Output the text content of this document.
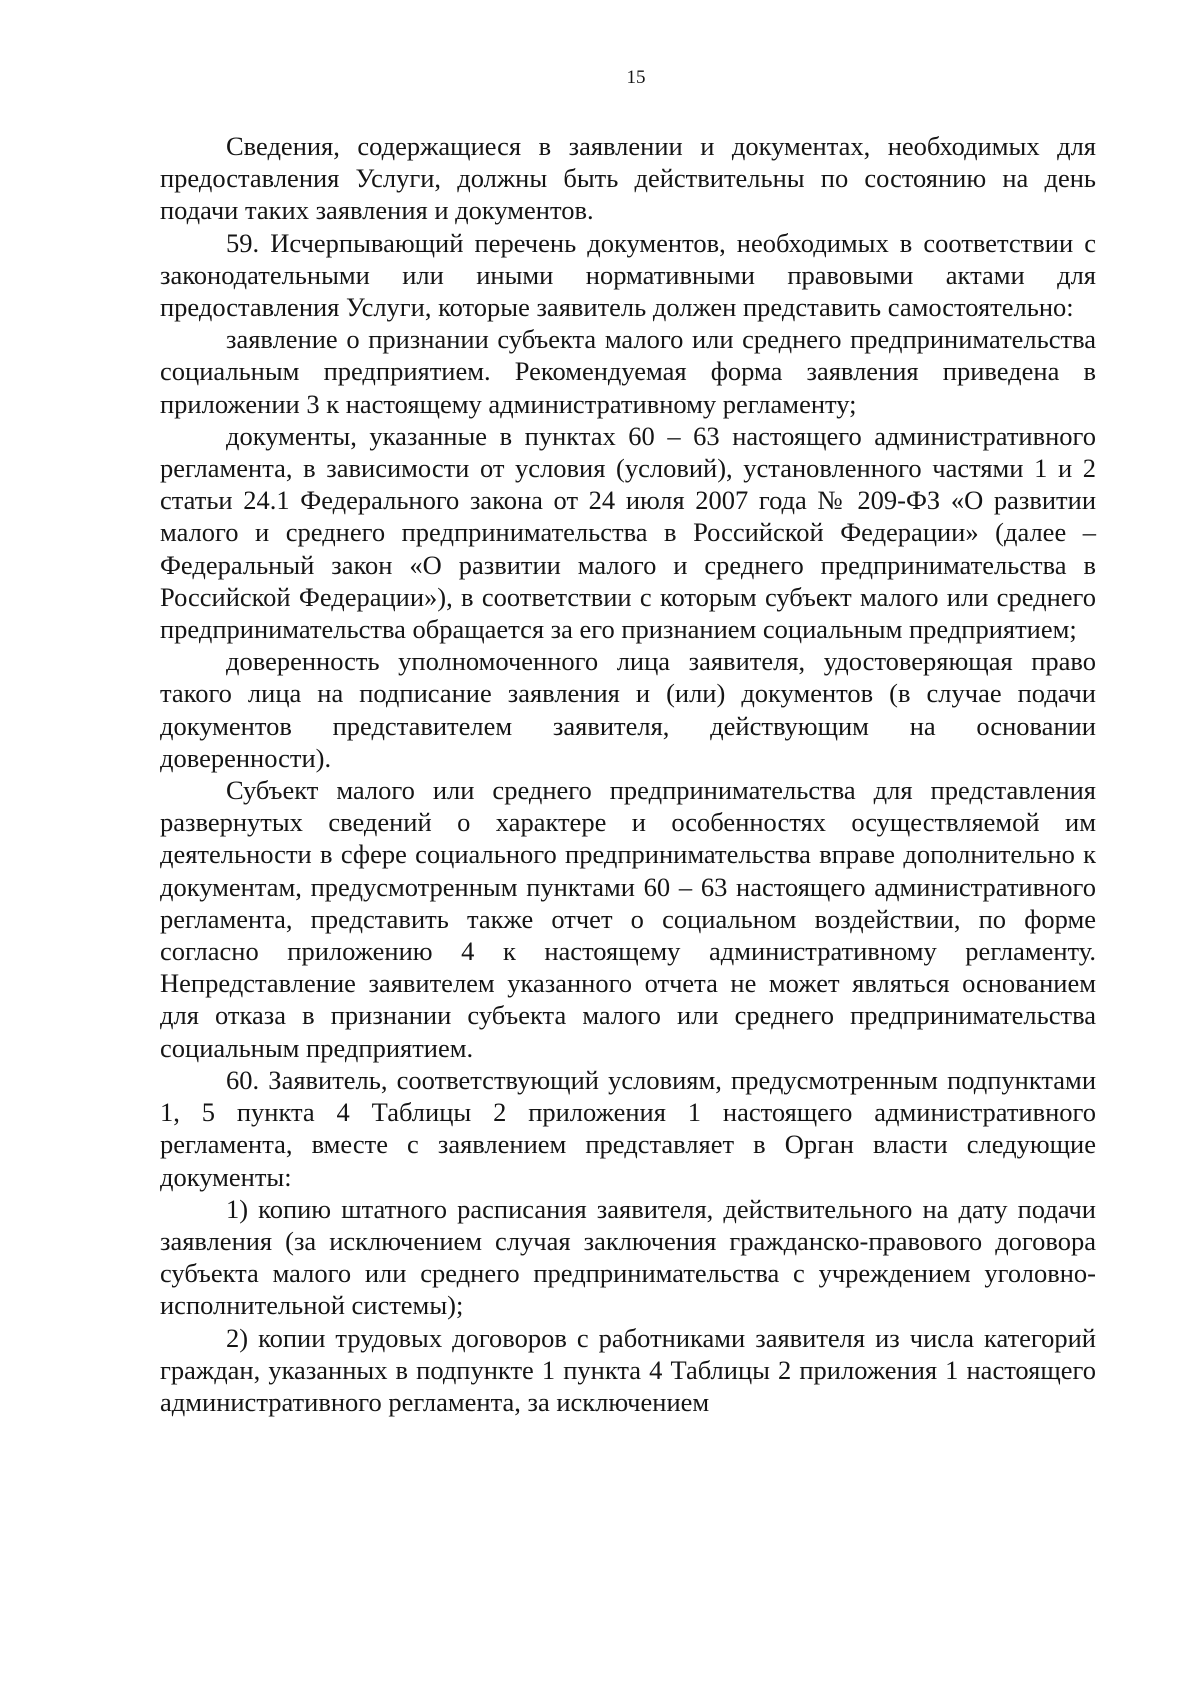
15

Сведения, содержащиеся в заявлении и документах, необходимых для предоставления Услуги, должны быть действительны по состоянию на день подачи таких заявления и документов.

59. Исчерпывающий перечень документов, необходимых в соответствии с законодательными или иными нормативными правовыми актами для предоставления Услуги, которые заявитель должен представить самостоятельно:

заявление о признании субъекта малого или среднего предпринимательства социальным предприятием. Рекомендуемая форма заявления приведена в приложении 3 к настоящему административному регламенту;

документы, указанные в пунктах 60 – 63 настоящего административного регламента, в зависимости от условия (условий), установленного частями 1 и 2 статьи 24.1 Федерального закона от 24 июля 2007 года № 209-ФЗ «О развитии малого и среднего предпринимательства в Российской Федерации» (далее – Федеральный закон «О развитии малого и среднего предпринимательства в Российской Федерации»), в соответствии с которым субъект малого или среднего предпринимательства обращается за его признанием социальным предприятием;

доверенность уполномоченного лица заявителя, удостоверяющая право такого лица на подписание заявления и (или) документов (в случае подачи документов представителем заявителя, действующим на основании доверенности).

Субъект малого или среднего предпринимательства для представления развернутых сведений о характере и особенностях осуществляемой им деятельности в сфере социального предпринимательства вправе дополнительно к документам, предусмотренным пунктами 60 – 63 настоящего административного регламента, представить также отчет о социальном воздействии, по форме согласно приложению 4 к настоящему административному регламенту. Непредставление заявителем указанного отчета не может являться основанием для отказа в признании субъекта малого или среднего предпринимательства социальным предприятием.

60. Заявитель, соответствующий условиям, предусмотренным подпунктами 1, 5 пункта 4 Таблицы 2 приложения 1 настоящего административного регламента, вместе с заявлением представляет в Орган власти следующие документы:

1) копию штатного расписания заявителя, действительного на дату подачи заявления (за исключением случая заключения гражданско-правового договора субъекта малого или среднего предпринимательства с учреждением уголовно-исполнительной системы);

2) копии трудовых договоров с работниками заявителя из числа категорий граждан, указанных в подпункте 1 пункта 4 Таблицы 2 приложения 1 настоящего административного регламента, за исключением
